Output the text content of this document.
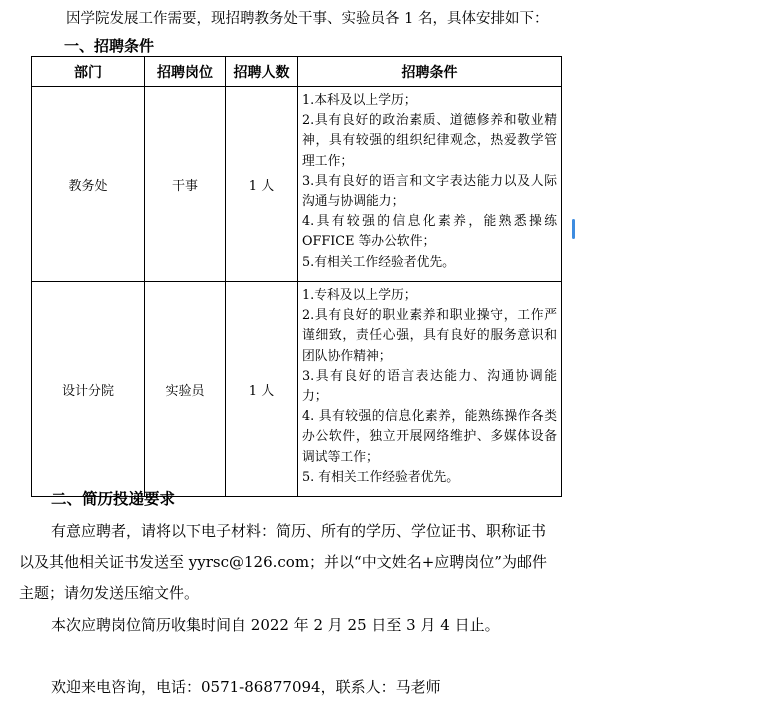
因学院发展工作需要，现招聘教务处干事、实验员各 1 名，具体安排如下：
一、招聘条件
部门	招聘岗位	招聘人数	招聘条件
教务处	干事	1 人	1.本科及以上学历；
2.具有良好的政治素质、道德修养和敬业精神，具有较强的组织纪律观念，热爱教学管理工作；
3.具有良好的语言和文字表达能力以及人际沟通与协调能力；
4.具有较强的信息化素养，能熟悉操练 OFFICE 等办公软件；
5.有相关工作经验者优先。

设计分院	实验员	1 人	1.专科及以上学历；
2.具有良好的职业素养和职业操守，工作严谨细致，责任心强，具有良好的服务意识和团队协作精神；
3.具有良好的语言表达能力、沟通协调能力；
4. 具有较强的信息化素养，能熟练操作各类办公软件，独立开展网络维护、多媒体设备调试等工作；
5. 有相关工作经验者优先。
二、简历投递要求
有意应聘者，请将以下电子材料：简历、所有的学历、学位证书、职称证书
以及其他相关证书发送至 yyrsc@126.com；并以“中文姓名+应聘岗位”为邮件
主题；请勿发送压缩文件。
本次应聘岗位简历收集时间自 2022 年 2 月 25 日至 3 月 4 日止。
欢迎来电咨询，电话：0571-86877094，联系人：马老师
